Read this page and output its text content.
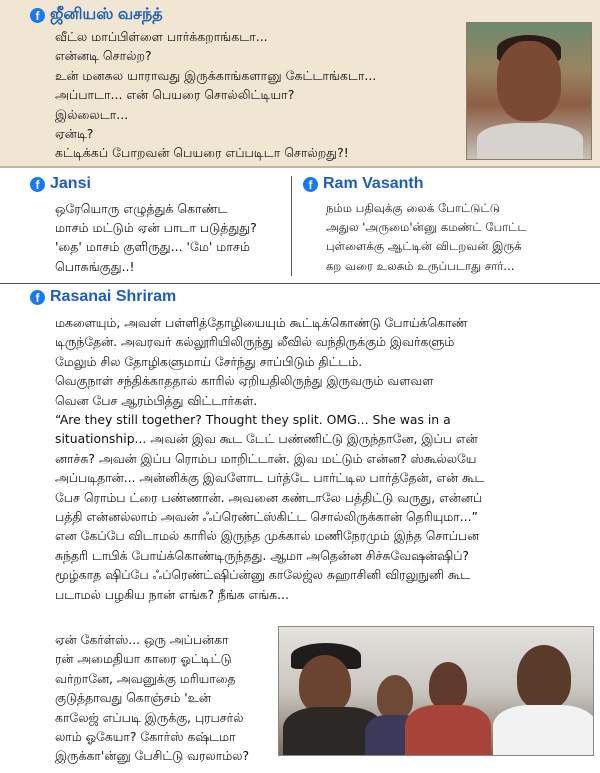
f ஜீனியஸ் வசந்த்
வீட்ல மாப்பிள்ளை பார்க்கறாங்கடா...
என்னடி சொல்ற?
உன் மனசுல யாராவது இருக்காங்களானு கேட்டாங்கடா...
அப்பாடா... என் பெயரை சொல்லிட்டியா?
இல்லைடா...
ஏன்டி?
கட்டிக்கப் போறவன் பெயரை எப்படிடா சொல்றது?!
f Jansi
ஒரேயொரு எழுத்துக் கொண்ட
மாசம் மட்டும் ஏன் பாடா படுத்துது?
'தை' மாசம் குளிருது... 'மே' மாசம்
பொசுங்குது..!
f Ram Vasanth
நம்ம பதிவுக்கு லைக் போட்டுட்டு
அதுல 'அருமை'ன்னு கமண்ட் போட்ட
புள்ளைக்கு ஆட்டின் விடறவன் இருக்
கற வரை உலகம் உருப்படாது சார்...
f Rasanai Shriram
மகளையும், அவள் பள்ளித்தோழியையும் கூட்டிக்கொண்டு போய்க்கொண்
டிருந்தேன். அவரவர் கல்லூரியிலிருந்து லீவில் வந்திருக்கும் இவர்களும்
மேலும் சில தோழிகளுமாய் சேர்ந்து சாப்பிடும் திட்டம்.
வெகுநாள் சந்திக்காததால் காரில் ஏறியதிலிருந்து இருவரும் வளவள
வென பேச ஆரம்பித்து விட்டார்கள்.
“Are they still together? Thought they split. OMG... She was in a
situationship... அவன் இவ கூட டேட் பண்ணிட்டு இருந்தானே, இப்ப என்
னாச்சு? அவன் இப்ப ரொம்ப மாறிட்டான். இவ மட்டும் என்ன? ஸ்கூல்லயே
அப்படிதான்... அன்னிக்கு இவளோட பர்த்டே பார்ட்டில பார்த்தேன், என் கூட
பேச ரொம்ப ட்ரை பண்ணான். அவனை கண்டாலே பத்திட்டு வருது, என்னப்
பத்தி என்னல்லாம் அவன் ஃப்ரெண்ட்ஸ்கிட்ட சொல்லிருக்கான் தெரியுமா...”
என கேப்பே விடாமல் காரில் இருந்த முக்கால் மணிநேரமும் இந்த சொப்பன
சுந்தரி டாபிக் போய்க்கொண்டிருந்தது. ஆமா அதென்ன சிச்சுவேஷன்ஷிப்?
மூழ்காத ஷிப்பே ஃப்ரெண்ட்ஷிப்ன்னு காலேஜ்ல சுஹாசினி விரலுநுனி கூட
படாமல் பழகிய நான் எங்க? நீங்க எங்க...
ஏன் கேர்ள்ஸ்... ஒரு அப்பன்கா
ரன் அமைதியா காரை ஓட்டிட்டு
வர்றானே, அவனுக்கு மரியாதை
குடுத்தாவது கொஞ்சம் 'உன்
காலேஜ் எப்படி இருக்கு, புரபசர்ல்
லாம் ஓகேயா? கோர்ஸ் கஷ்டமா
இருக்கா'ன்னு பேசிட்டு வரலாம்ல?
